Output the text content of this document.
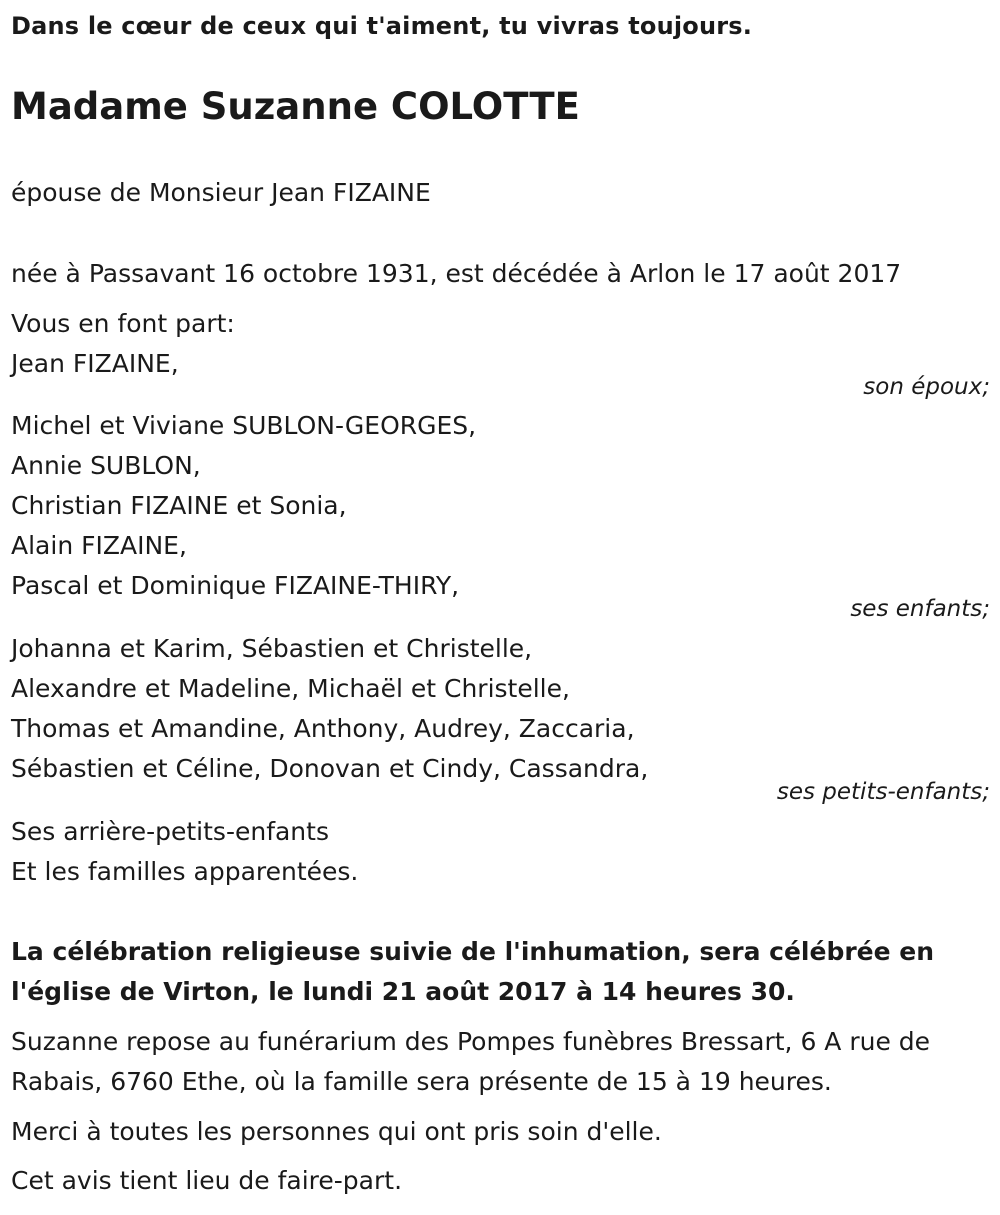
Dans le cœur de ceux qui t'aiment, tu vivras toujours.

Madame Suzanne COLOTTE

épouse de Monsieur Jean FIZAINE

née à Passavant 16 octobre 1931, est décédée à Arlon le 17 août 2017

Vous en font part:

Jean FIZAINE,

son époux;

Michel et Viviane SUBLON-GEORGES,

Annie SUBLON,

Christian FIZAINE et Sonia,

Alain FIZAINE,

Pascal et Dominique FIZAINE-THIRY,

ses enfants;

Johanna et Karim, Sébastien et Christelle,

Alexandre et Madeline, Michaël et Christelle,

Thomas et Amandine, Anthony, Audrey, Zaccaria,

Sébastien et Céline, Donovan et Cindy, Cassandra,

ses petits-enfants;

Ses arrière-petits-enfants

Et les familles apparentées.

La célébration religieuse suivie de l'inhumation, sera célébrée en

l'église de Virton, le lundi 21 août 2017 à 14 heures 30.

Suzanne repose au funérarium des Pompes funèbres Bressart, 6 A rue de

Rabais, 6760 Ethe, où la famille sera présente de 15 à 19 heures.

Merci à toutes les personnes qui ont pris soin d'elle.

Cet avis tient lieu de faire-part.
